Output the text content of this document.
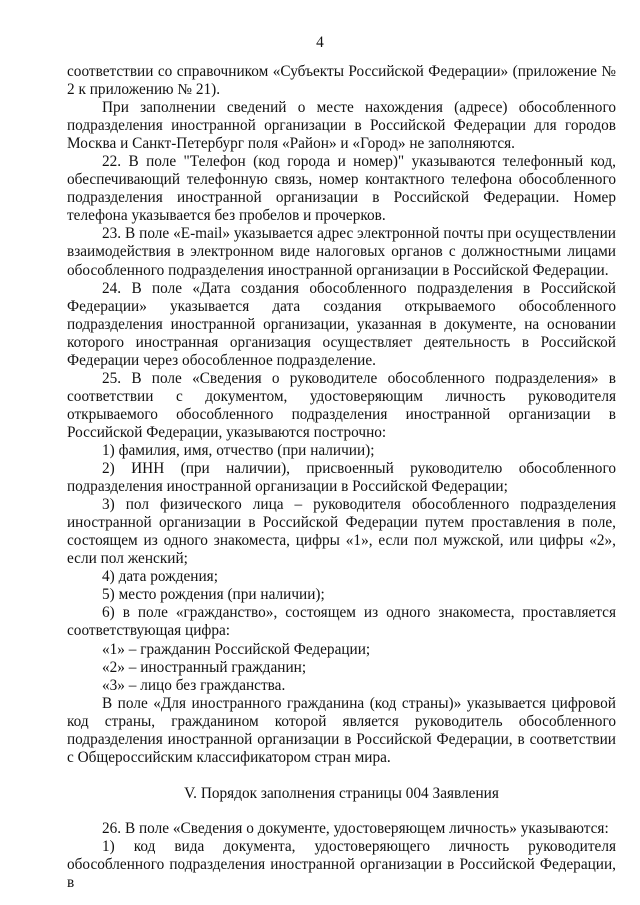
4

соответствии со справочником «Субъекты Российской Федерации» (приложение № 2 к приложению № 21).

При заполнении сведений о месте нахождения (адресе) обособленного подразделения иностранной организации в Российской Федерации для городов Москва и Санкт-Петербург поля «Район» и «Город» не заполняются.

22. В поле "Телефон (код города и номер)" указываются телефонный код, обеспечивающий телефонную связь, номер контактного телефона обособленного подразделения иностранной организации в Российской Федерации. Номер телефона указывается без пробелов и прочерков.

23. В поле «E-mail» указывается адрес электронной почты при осуществлении взаимодействия в электронном виде налоговых органов с должностными лицами обособленного подразделения иностранной организации в Российской Федерации.

24. В поле «Дата создания обособленного подразделения в Российской Федерации» указывается дата создания открываемого обособленного подразделения иностранной организации, указанная в документе, на основании которого иностранная организация осуществляет деятельность в Российской Федерации через обособленное подразделение.

25. В поле «Сведения о руководителе обособленного подразделения» в соответствии с документом, удостоверяющим личность руководителя открываемого обособленного подразделения иностранной организации в Российской Федерации, указываются построчно:

1) фамилия, имя, отчество (при наличии);

2) ИНН (при наличии), присвоенный руководителю обособленного подразделения иностранной организации в Российской Федерации;

3) пол физического лица – руководителя обособленного подразделения иностранной организации в Российской Федерации путем проставления в поле, состоящем из одного знакоместа, цифры «1», если пол мужской, или цифры «2», если пол женский;

4) дата рождения;

5) место рождения (при наличии);

6) в поле «гражданство», состоящем из одного знакоместа, проставляется соответствующая цифра:

«1» – гражданин Российской Федерации;

«2» – иностранный гражданин;

«3» – лицо без гражданства.

В поле «Для иностранного гражданина (код страны)» указывается цифровой код страны, гражданином которой является руководитель обособленного подразделения иностранной организации в Российской Федерации, в соответствии с Общероссийским классификатором стран мира.

V. Порядок заполнения страницы 004 Заявления

26. В поле «Сведения о документе, удостоверяющем личность» указываются:

1) код вида документа, удостоверяющего личность руководителя обособленного подразделения иностранной организации в Российской Федерации, в
